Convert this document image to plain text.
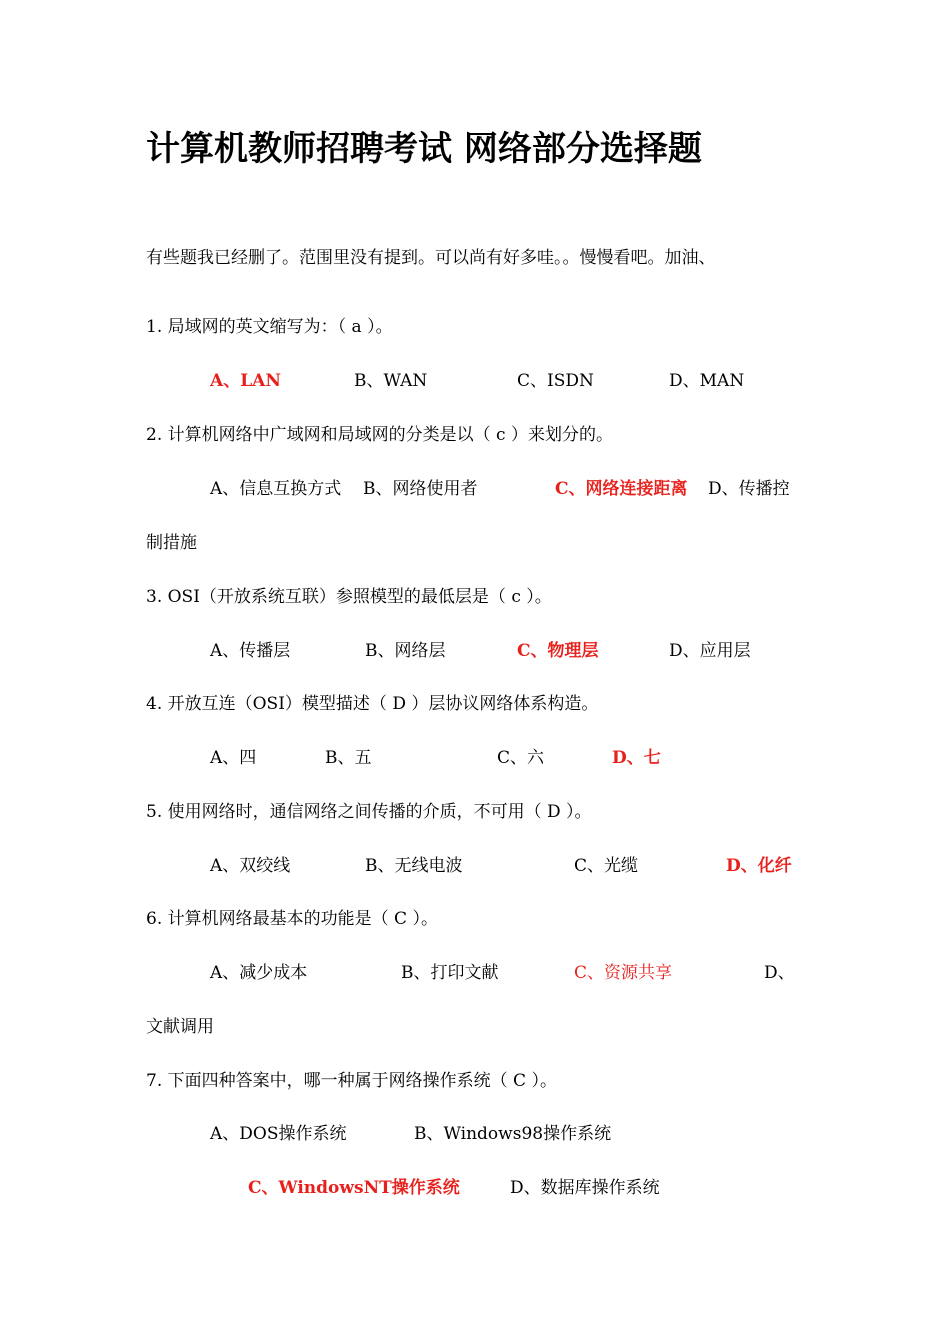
计算机教师招聘考试 网络部分选择题

有些题我已经删了。范围里没有提到。可以尚有好多哇。。慢慢看吧。加油、

1. 局域网的英文缩写为：（ a ）。

A、LAN	B、WAN	C、ISDN	D、MAN

2. 计算机网络中广域网和局域网的分类是以（ c ）来划分的。

A、信息互换方式 B、网络使用者	C、网络连接距离 D、传播控

制措施

3. OSI（开放系统互联）参照模型的最低层是（ c ）。

A、传播层	B、网络层	C、物理层	D、应用层

4. 开放互连（OSI）模型描述（ D ）层协议网络体系构造。

A、四	B、五	C、六	D、七

5. 使用网络时，通信网络之间传播的介质，不可用（ D ）。

A、双绞线	B、无线电波	C、光缆	D、化纤

6. 计算机网络最基本的功能是（ C ）。

A、减少成本	B、打印文献	C、资源共享	D、

文献调用

7. 下面四种答案中，哪一种属于网络操作系统（ C ）。

A、DOS操作系统	B、Windows98操作系统
C、WindowsNT操作系统	D、数据库操作系统
